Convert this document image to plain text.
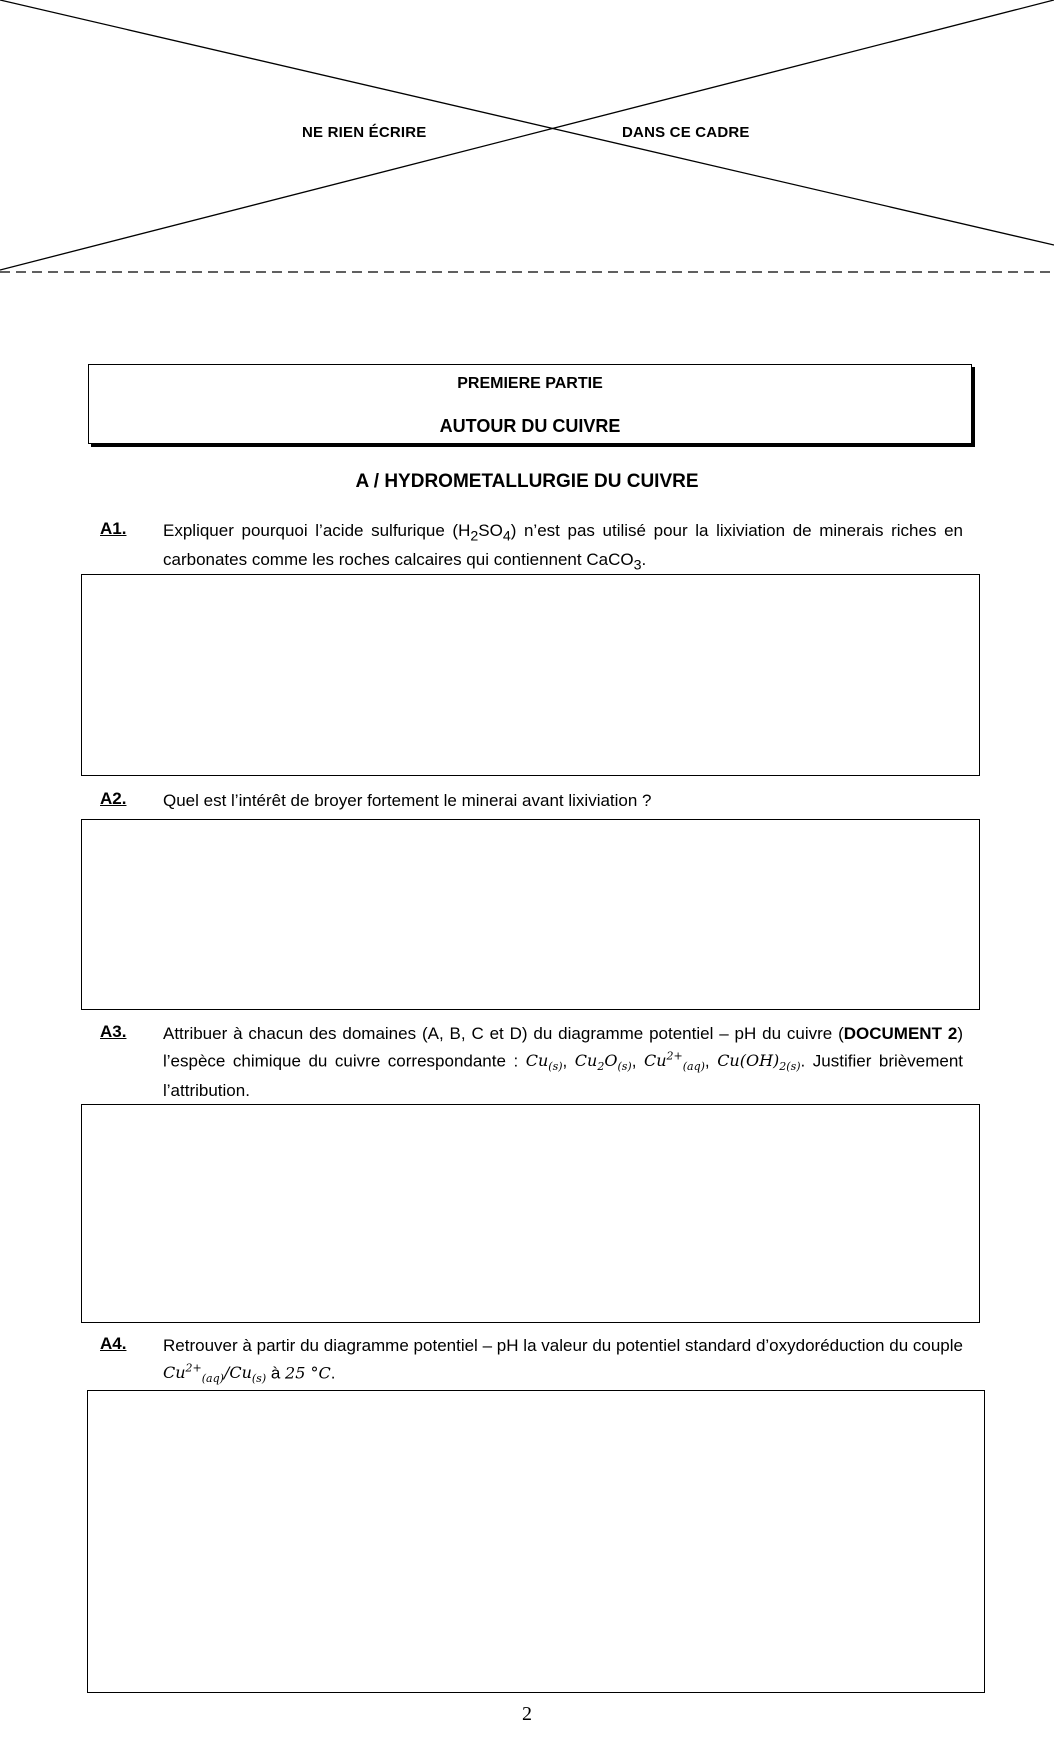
NE RIEN ÉCRIRE	DANS CE CADRE
PREMIERE PARTIE
AUTOUR DU CUIVRE
A / HYDROMETALLURGIE DU CUIVRE
A1. Expliquer pourquoi l’acide sulfurique $(H_2SO_4)$ n’est pas utilisé pour la lixiviation de minerais riches en carbonates comme les roches calcaires qui contiennent CaCO$_3$.
A2. Quel est l’intérêt de broyer fortement le minerai avant lixiviation ?
A3. Attribuer à chacun des domaines (A, B, C et D) du diagramme potentiel – pH du cuivre (DOCUMENT 2) l’espèce chimique du cuivre correspondante : $Cu_{(s)}$, $Cu_2O_{(s)}$, $Cu^{2+}_{(aq)}$, $Cu(OH)_{2(s)}$. Justifier brièvement l’attribution.
A4. Retrouver à partir du diagramme potentiel – pH la valeur du potentiel standard d’oxydoréduction du couple $Cu^{2+}_{(aq)}/Cu_{(s)}$ à 25 °C.
2
